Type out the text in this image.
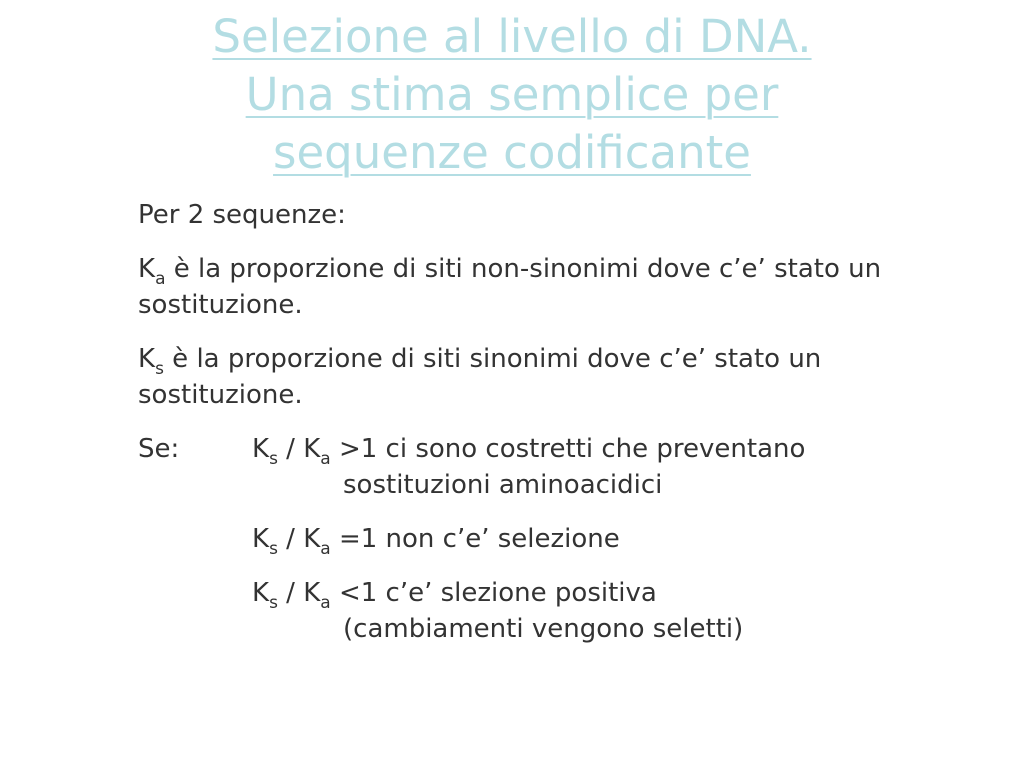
Selezione al livello di DNA.
Una stima semplice per
sequenze codificante

Per 2 sequenze:

$K_a$ è la proporzione di siti non-sinonimi dove c’e’ stato un sostituzione.

$K_s$ è la proporzione di siti sinonimi dove c’e’ stato un sostituzione.

Se:	$K_s / K_a >1$ ci sono costretti che preventano
sostituzioni aminoacidici
$K_s / K_a =1$ non c’e’ selezione
$K_s / K_a <1$ c’e’ slezione positiva
(cambiamenti vengono seletti)
